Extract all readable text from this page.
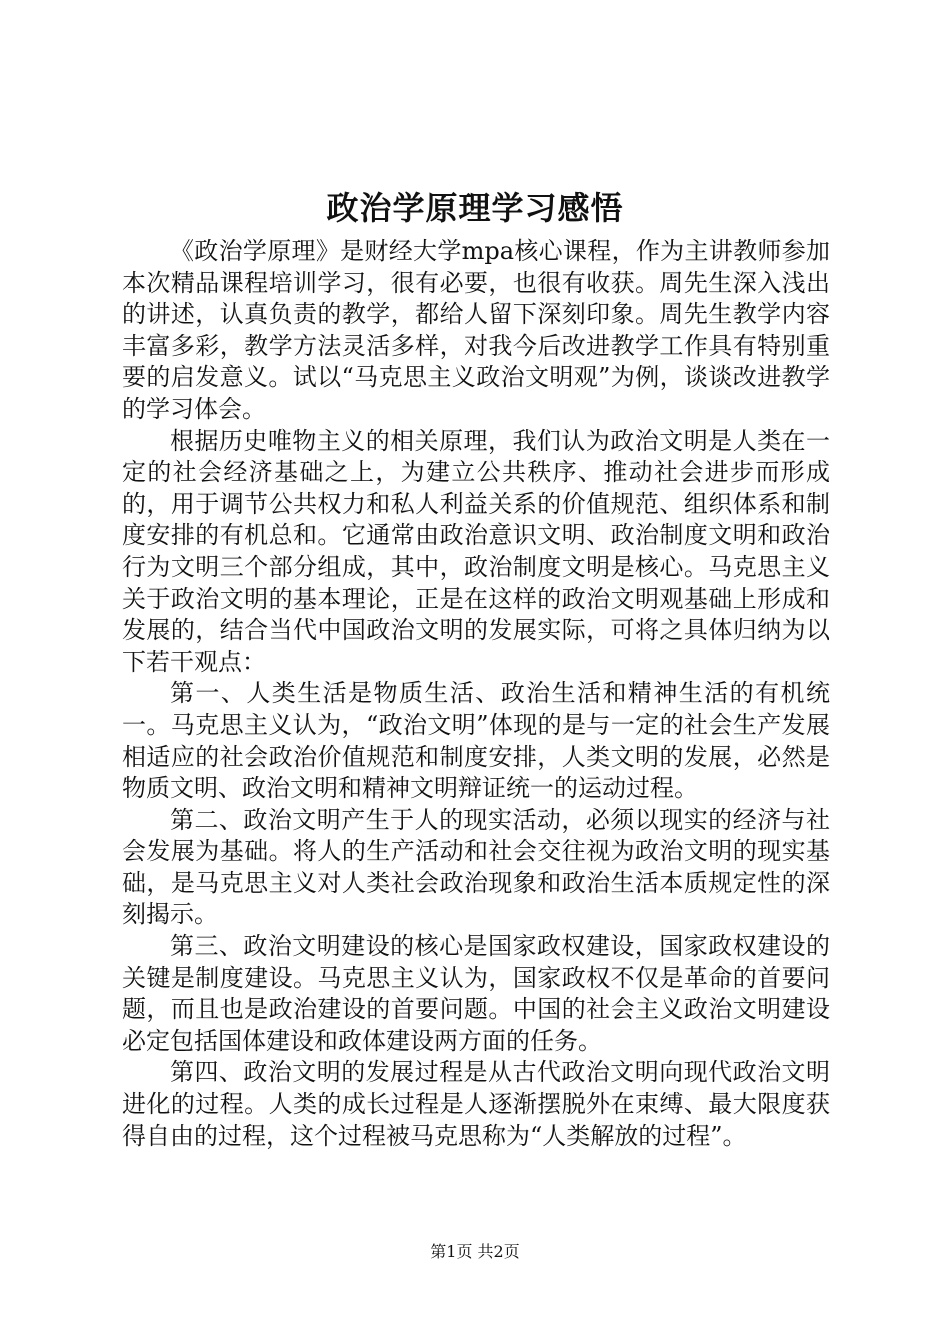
政治学原理学习感悟

《政治学原理》是财经大学mpa核心课程，作为主讲教师参加本次精品课程培训学习，很有必要，也很有收获。周先生深入浅出的讲述，认真负责的教学，都给人留下深刻印象。周先生教学内容丰富多彩，教学方法灵活多样，对我今后改进教学工作具有特别重要的启发意义。试以“马克思主义政治文明观”为例，谈谈改进教学的学习体会。

根据历史唯物主义的相关原理，我们认为政治文明是人类在一定的社会经济基础之上，为建立公共秩序、推动社会进步而形成的，用于调节公共权力和私人利益关系的价值规范、组织体系和制度安排的有机总和。它通常由政治意识文明、政治制度文明和政治行为文明三个部分组成，其中，政治制度文明是核心。马克思主义关于政治文明的基本理论，正是在这样的政治文明观基础上形成和发展的，结合当代中国政治文明的发展实际，可将之具体归纳为以下若干观点：

第一、人类生活是物质生活、政治生活和精神生活的有机统一。马克思主义认为，“政治文明”体现的是与一定的社会生产发展相适应的社会政治价值规范和制度安排，人类文明的发展，必然是物质文明、政治文明和精神文明辩证统一的运动过程。

第二、政治文明产生于人的现实活动，必须以现实的经济与社会发展为基础。将人的生产活动和社会交往视为政治文明的现实基础，是马克思主义对人类社会政治现象和政治生活本质规定性的深刻揭示。

第三、政治文明建设的核心是国家政权建设，国家政权建设的关键是制度建设。马克思主义认为，国家政权不仅是革命的首要问题，而且也是政治建设的首要问题。中国的社会主义政治文明建设必定包括国体建设和政体建设两方面的任务。

第四、政治文明的发展过程是从古代政治文明向现代政治文明进化的过程。人类的成长过程是人逐渐摆脱外在束缚、最大限度获得自由的过程，这个过程被马克思称为“人类解放的过程”。

第1页 共2页
